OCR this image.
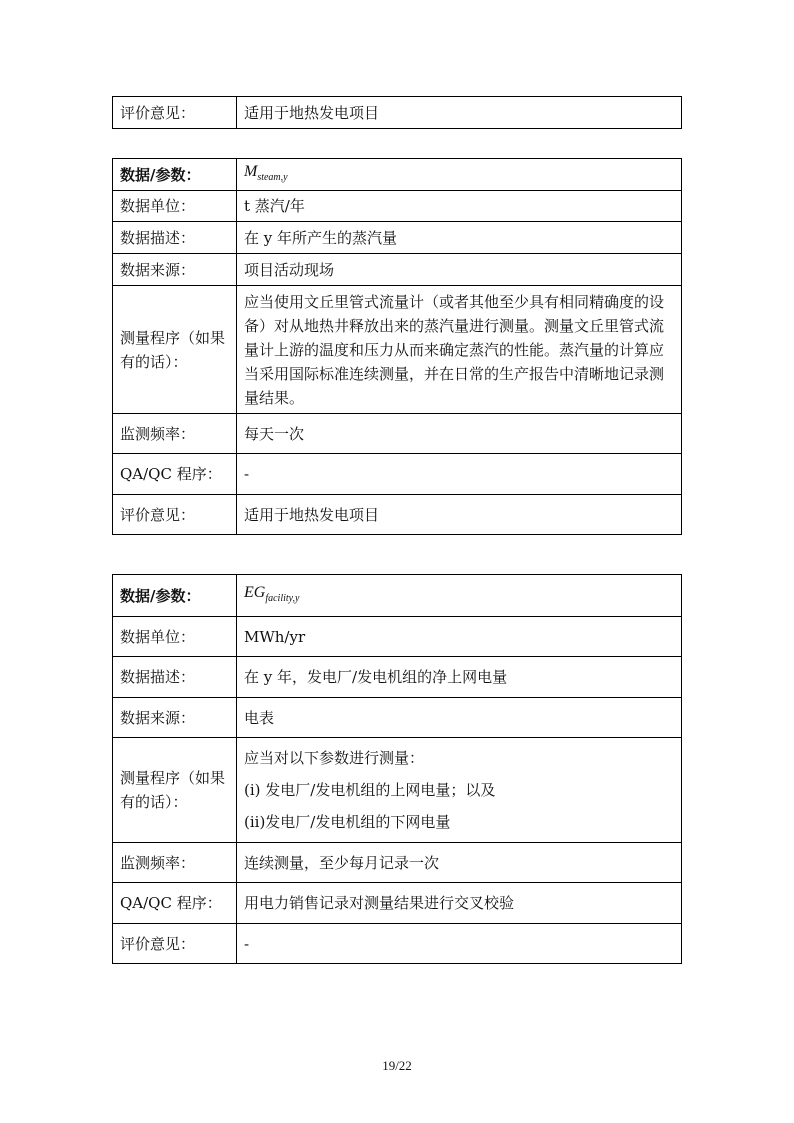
评价意见：	适用于地热发电项目
数据/参数：	$M_{steam,y}$
数据单位：	t 蒸汽/年
数据描述：	在 y 年所产生的蒸汽量
数据来源：	项目活动现场
测量程序（如果有的话）：	应当使用文丘里管式流量计（或者其他至少具有相同精确度的设备）对从地热井释放出来的蒸汽量进行测量。测量文丘里管式流量计上游的温度和压力从而来确定蒸汽的性能。蒸汽量的计算应当采用国际标准连续测量，并在日常的生产报告中清晰地记录测量结果。
监测频率：	每天一次
QA/QC 程序：	-
评价意见：	适用于地热发电项目
数据/参数：	$EG_{facility,y}$
数据单位：	MWh/yr
数据描述：	在 y 年，发电厂/发电机组的净上网电量
数据来源：	电表
测量程序（如果有的话）：	应当对以下参数进行测量：
(i) 发电厂/发电机组的上网电量；以及
(ii)发电厂/发电机组的下网电量

监测频率：	连续测量，至少每月记录一次
QA/QC 程序：	用电力销售记录对测量结果进行交叉校验
评价意见：	-
19/22
